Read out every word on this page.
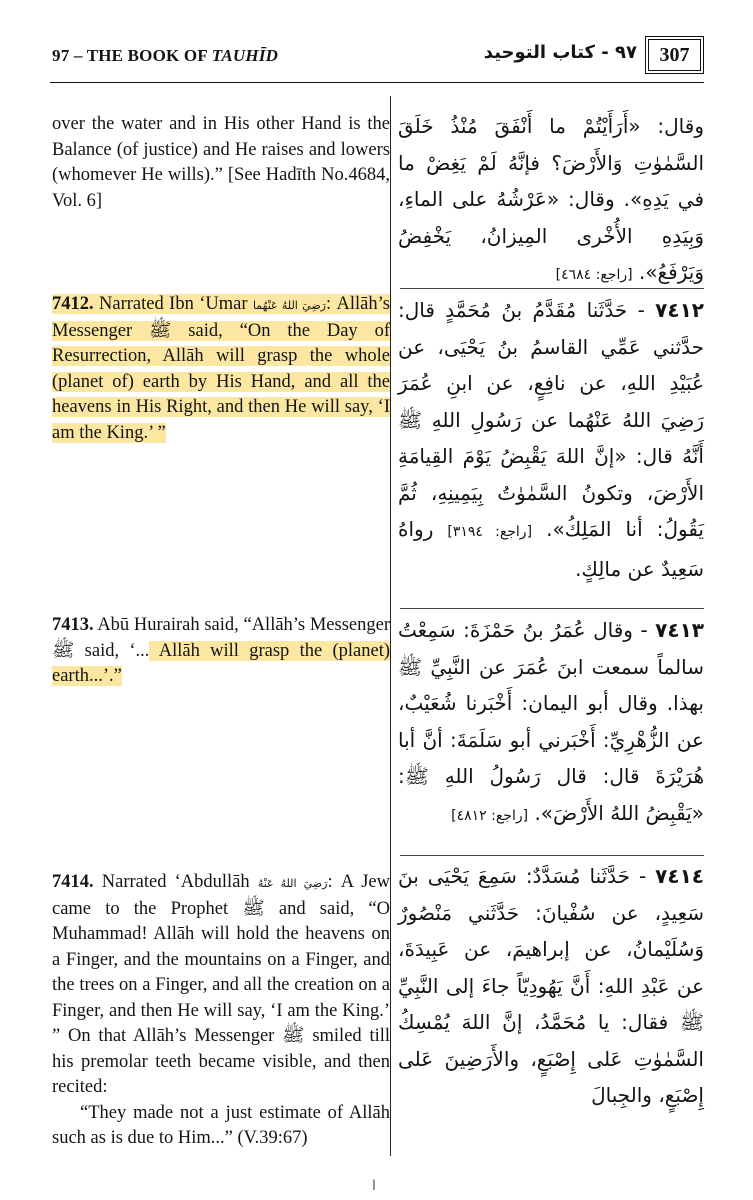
97 – THE BOOK OF TAUHĪD	٩٧ - كتاب التوحيد	307

over the water and in His other Hand is the Balance (of justice) and He raises and lowers (whomever He wills).” [See Hadīth No.4684, Vol. 6]

7412. Narrated Ibn ‘Umar رَضِيَ اللهُ عَنْهُما: Allāh’s Messenger ﷺ said, “On the Day of Resurrection, Allāh will grasp the whole (planet of) earth by His Hand, and all the heavens in His Right, and then He will say, ‘I am the King.’ ”

7413. Abū Hurairah said, “Allāh’s Messenger ﷺ said, ‘... Allāh will grasp the (planet) earth...’.”

7414. Narrated ‘Abdullāh رَضِيَ اللهُ عَنْهُ: A Jew came to the Prophet ﷺ and said, “O Muhammad! Allāh will hold the heavens on a Finger, and the mountains on a Finger, and the trees on a Finger, and all the creation on a Finger, and then He will say, ‘I am the King.’ ” On that Allāh’s Messenger ﷺ smiled till his premolar teeth became visible, and then recited:

“They made not a just estimate of Allāh such as is due to Him...” (V.39:67)

وقال: «أَرَأَيْتُمْ ما أَنْفَقَ مُنْذُ خَلَقَ السَّمٰوٰتِ وَالأَرْضَ؟ فإنَّهُ لَمْ يَغِضْ ما في يَدِهِ». وقال: «عَرْشُهُ على الماءِ، وَبِيَدِهِ الأُخْرى المِيزانُ، يَخْفِضُ وَيَرْفَعُ». [راجع: ٤٦٨٤]

٧٤١٢ - حَدَّثَنا مُقَدَّمُ بنُ مُحَمَّدٍ قال: حدَّثني عَمِّي القاسمُ بنُ يَحْيَى، عن عُبَيْدِ اللهِ، عن نافِعٍ، عن ابنِ عُمَرَ رَضِيَ اللهُ عَنْهُما عن رَسُولِ اللهِ ﷺ أَنَّهُ قال: «إنَّ اللهَ يَقْبِضُ يَوْمَ القِيامَةِ الأَرْضَ، وتكونُ السَّمٰوٰتُ بِيَمِينِهِ، ثُمَّ يَقُولُ: أنا المَلِكُ». [راجع: ٣١٩٤] رواهُ سَعِيدٌ عن مالِكٍ.

٧٤١٣ - وقال عُمَرُ بنُ حَمْزَةَ: سَمِعْتُ سالماً سمعت ابنَ عُمَرَ عن النَّبِيِّ ﷺ بهذا. وقال أبو اليمان: أَخْبَرنا شُعَيْبٌ، عن الزُّهْرِيِّ: أَخْبَرني أبو سَلَمَةَ: أنَّ أبا هُرَيْرَةَ قال: قال رَسُولُ اللهِ ﷺ: «يَقْبِضُ اللهُ الأَرْضَ». [راجع: ٤٨١٢]

٧٤١٤ - حَدَّثَنا مُسَدَّدٌ: سَمِعَ يَحْيَى بنَ سَعِيدٍ، عن سُفْيانَ: حَدَّثَني مَنْصُورٌ وَسُلَيْمانُ، عن إبراهيمَ، عن عَبِيدَةَ، عن عَبْدِ اللهِ: أَنَّ يَهُودِيّاً جاءَ إلى النَّبِيِّ ﷺ فقال: يا مُحَمَّدُ، إنَّ اللهَ يُمْسِكُ السَّمٰوٰتِ عَلى إِصْبَعٍ، والأَرَضِينَ عَلى إِصْبَعٍ، والجِبالَ

ا
